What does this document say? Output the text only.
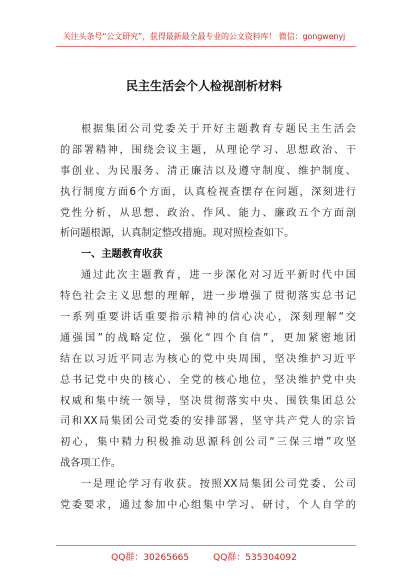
关注头条号“公文研究”，获得最新最全最专业的公文资料库！ 微信：gongwenyj
民主生活会个人检视剖析材料
根据集团公司党委关于开好主题教育专题民主生活会
的部署精神，围绕会议主题，从理论学习、思想政治、干
事创业、为民服务、清正廉洁以及遵守制度、维护制度、
执行制度方面6个方面，认真检视查摆存在问题，深刻进行
党性分析，从思想、政治、作风、能力、廉政五个方面剖
析问题根源，认真制定整改措施。现对照检查如下。
一、主题教育收获
通过此次主题教育，进一步深化对习近平新时代中国
特色社会主义思想的理解，进一步增强了贯彻落实总书记
一系列重要讲话重要指示精神的信心决心，深刻理解“交
通强国”的战略定位，强化“四个自信”，更加紧密地团
结在以习近平同志为核心的党中央周围，坚决维护习近平
总书记党中央的核心、全党的核心地位，坚决维护党中央
权威和集中统一领导，坚决贯彻落实中央、围铁集团总公
司和XX局集团公司党委的安排部署，坚守共产党人的宗旨
初心，集中精力积极推动思源科创公司“三保三增”攻坚
战各项工作。
一是理论学习有收获。按照XX局集团公司党委、公司
党委要求，通过参加中心组集中学习、研讨，个人自学的
QQ群：30265665	QQ群：535304092
